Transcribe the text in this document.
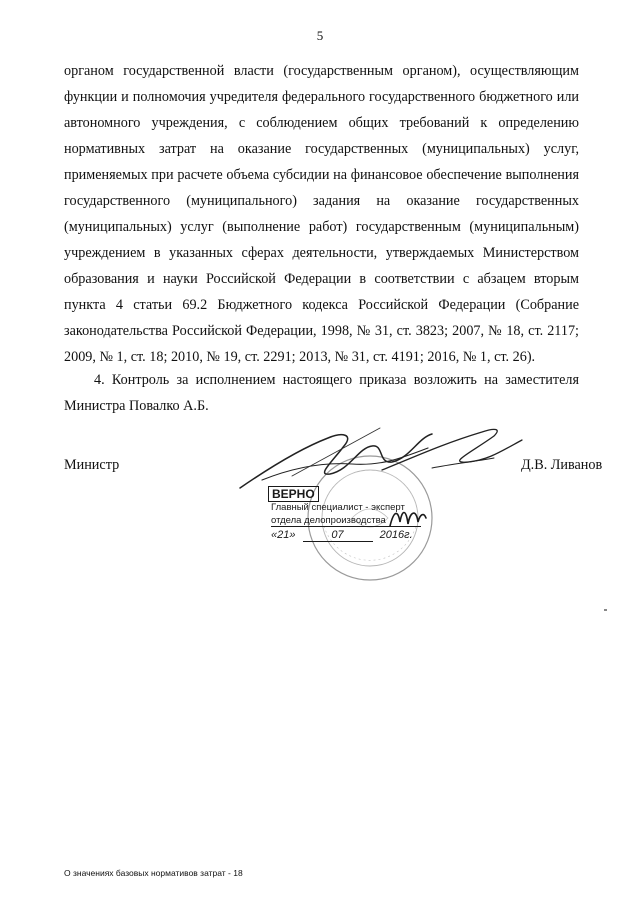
5
органом государственной власти (государственным органом), осуществляющим
функции и полномочия учредителя федерального государственного бюджетного или
автономного учреждения, с соблюдением общих требований к определению
нормативных затрат на оказание государственных (муниципальных) услуг,
применяемых при расчете объема субсидии на финансовое обеспечение выполнения
государственного (муниципального) задания на оказание государственных
(муниципальных) услуг (выполнение работ) государственным (муниципальным)
учреждением в указанных сферах деятельности, утверждаемых Министерством
образования и науки Российской Федерации в соответствии с абзацем вторым
пункта 4 статьи 69.2 Бюджетного кодекса Российской Федерации (Собрание
законодательства Российской Федерации, 1998, № 31, ст. 3823; 2007, № 18, ст. 2117;
2009, № 1, ст. 18; 2010, № 19, ст. 2291; 2013, № 31, ст. 4191; 2016, № 1, ст. 26).
4. Контроль за исполнением настоящего приказа возложить на заместителя
Министра Повалко А.Б.
Министр	Д.В. Ливанов
ВЕРНО
Главный специалист - эксперт
отдела делопроизводства
«21»	07	2016г.
О значениях базовых нормативов затрат - 18
